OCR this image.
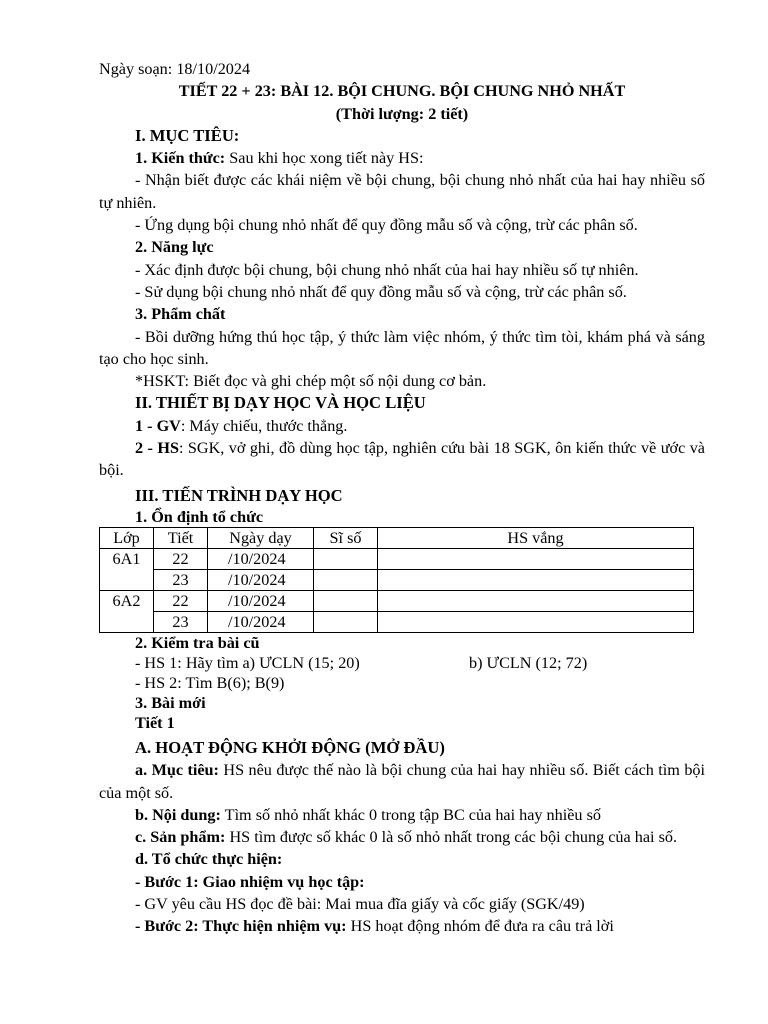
Ngày soạn: 18/10/2024

TIẾT 22 + 23: BÀI 12. BỘI CHUNG. BỘI CHUNG NHỎ NHẤT

(Thời lượng: 2 tiết)

I. MỤC TIÊU:

1. Kiến thức: Sau khi học xong tiết này HS:

- Nhận biết được các khái niệm về bội chung, bội chung nhỏ nhất của hai hay nhiều số tự nhiên.

- Ứng dụng bội chung nhỏ nhất để quy đồng mẫu số và cộng, trừ các phân số.

2. Năng lực

- Xác định được bội chung, bội chung nhỏ nhất của hai hay nhiều số tự nhiên.

- Sử dụng bội chung nhỏ nhất để quy đồng mẫu số và cộng, trừ các phân số.

3. Phẩm chất

- Bồi dưỡng hứng thú học tập, ý thức làm việc nhóm, ý thức tìm tòi, khám phá và sáng tạo cho học sinh.

*HSKT: Biết đọc và ghi chép một số nội dung cơ bản.

II. THIẾT BỊ DẠY HỌC VÀ HỌC LIỆU

1 - GV: Máy chiếu, thước thẳng.

2 - HS: SGK, vở ghi, đồ dùng học tập, nghiên cứu bài 18 SGK, ôn kiến thức về ước và bội.

III. TIẾN TRÌNH DẠY HỌC

1. Ổn định tổ chức

Lớp	Tiết	Ngày dạy	Sĩ số	HS vắng
6A1	22	/10/2024		
	23	/10/2024		
6A2	22	/10/2024		
	23	/10/2024		

2. Kiểm tra bài cũ

- HS 1: Hãy tìm a) ƯCLN (15; 20)	b) ƯCLN (12; 72)

- HS 2: Tìm B(6); B(9)

3. Bài mới

Tiết 1

A. HOẠT ĐỘNG KHỞI ĐỘNG (MỞ ĐẦU)

a. Mục tiêu: HS nêu được thế nào là bội chung của hai hay nhiều số. Biết cách tìm bội của một số.

b. Nội dung: Tìm số nhỏ nhất khác 0 trong tập BC của hai hay nhiều số

c. Sản phẩm: HS tìm được số khác 0 là số nhỏ nhất trong các bội chung của hai số.

d. Tổ chức thực hiện:

- Bước 1: Giao nhiệm vụ học tập:

- GV yêu cầu HS đọc đề bài: Mai mua đĩa giấy và cốc giấy (SGK/49)

- Bước 2: Thực hiện nhiệm vụ: HS hoạt động nhóm để đưa ra câu trả lời
